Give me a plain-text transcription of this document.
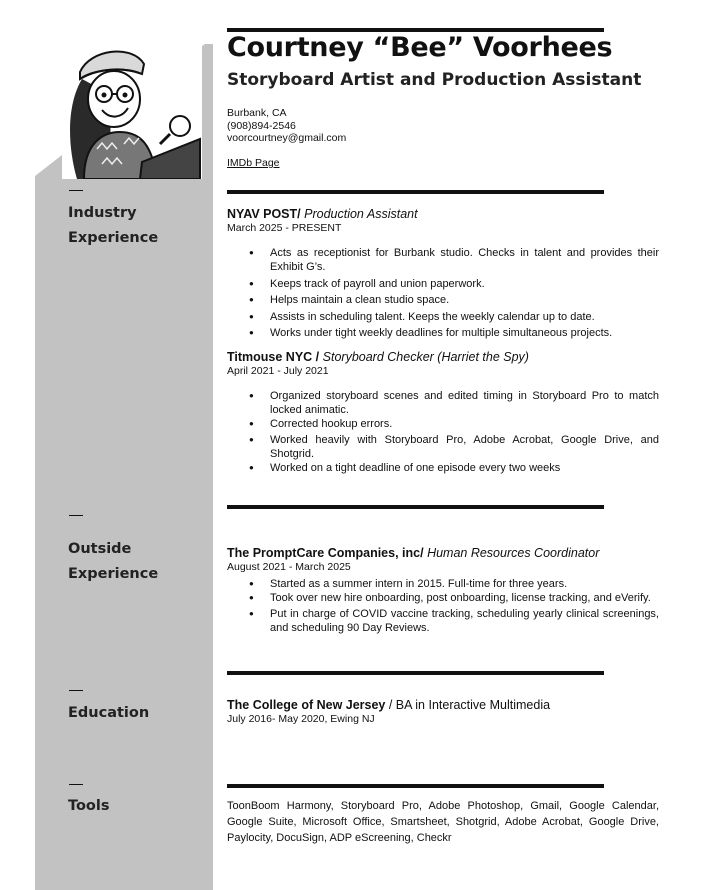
Courtney “Bee” Voorhees
Storyboard Artist and Production Assistant
Burbank, CA
(908)894-2546
voorcourtney@gmail.com
IMDb Page
Industry
Experience
NYAV POST/ Production Assistant
March 2025 - PRESENT
● Acts as receptionist for Burbank studio. Checks in talent and provides their Exhibit G’s.
● Keeps track of payroll and union paperwork.
● Helps maintain a clean studio space.
● Assists in scheduling talent. Keeps the weekly calendar up to date.
● Works under tight weekly deadlines for multiple simultaneous projects.
Titmouse NYC / Storyboard Checker (Harriet the Spy)
April 2021 - July 2021
● Organized storyboard scenes and edited timing in Storyboard Pro to match locked animatic.
● Corrected hookup errors.
● Worked heavily with Storyboard Pro, Adobe Acrobat, Google Drive, and Shotgrid.
● Worked on a tight deadline of one episode every two weeks
Outside
Experience
The PromptCare Companies, inc/ Human Resources Coordinator
August 2021 - March 2025
● Started as a summer intern in 2015. Full-time for three years.
● Took over new hire onboarding, post onboarding, license tracking, and eVerify.
● Put in charge of COVID vaccine tracking, scheduling yearly clinical screenings, and scheduling 90 Day Reviews.
Education	The College of New Jersey / BA in Interactive Multimedia
July 2016- May 2020, Ewing NJ
Tools	ToonBoom Harmony, Storyboard Pro, Adobe Photoshop, Gmail, Google Calendar, Google Suite, Microsoft Office, Smartsheet, Shotgrid, Adobe Acrobat, Google Drive, Paylocity, DocuSign, ADP eScreening, Checkr
